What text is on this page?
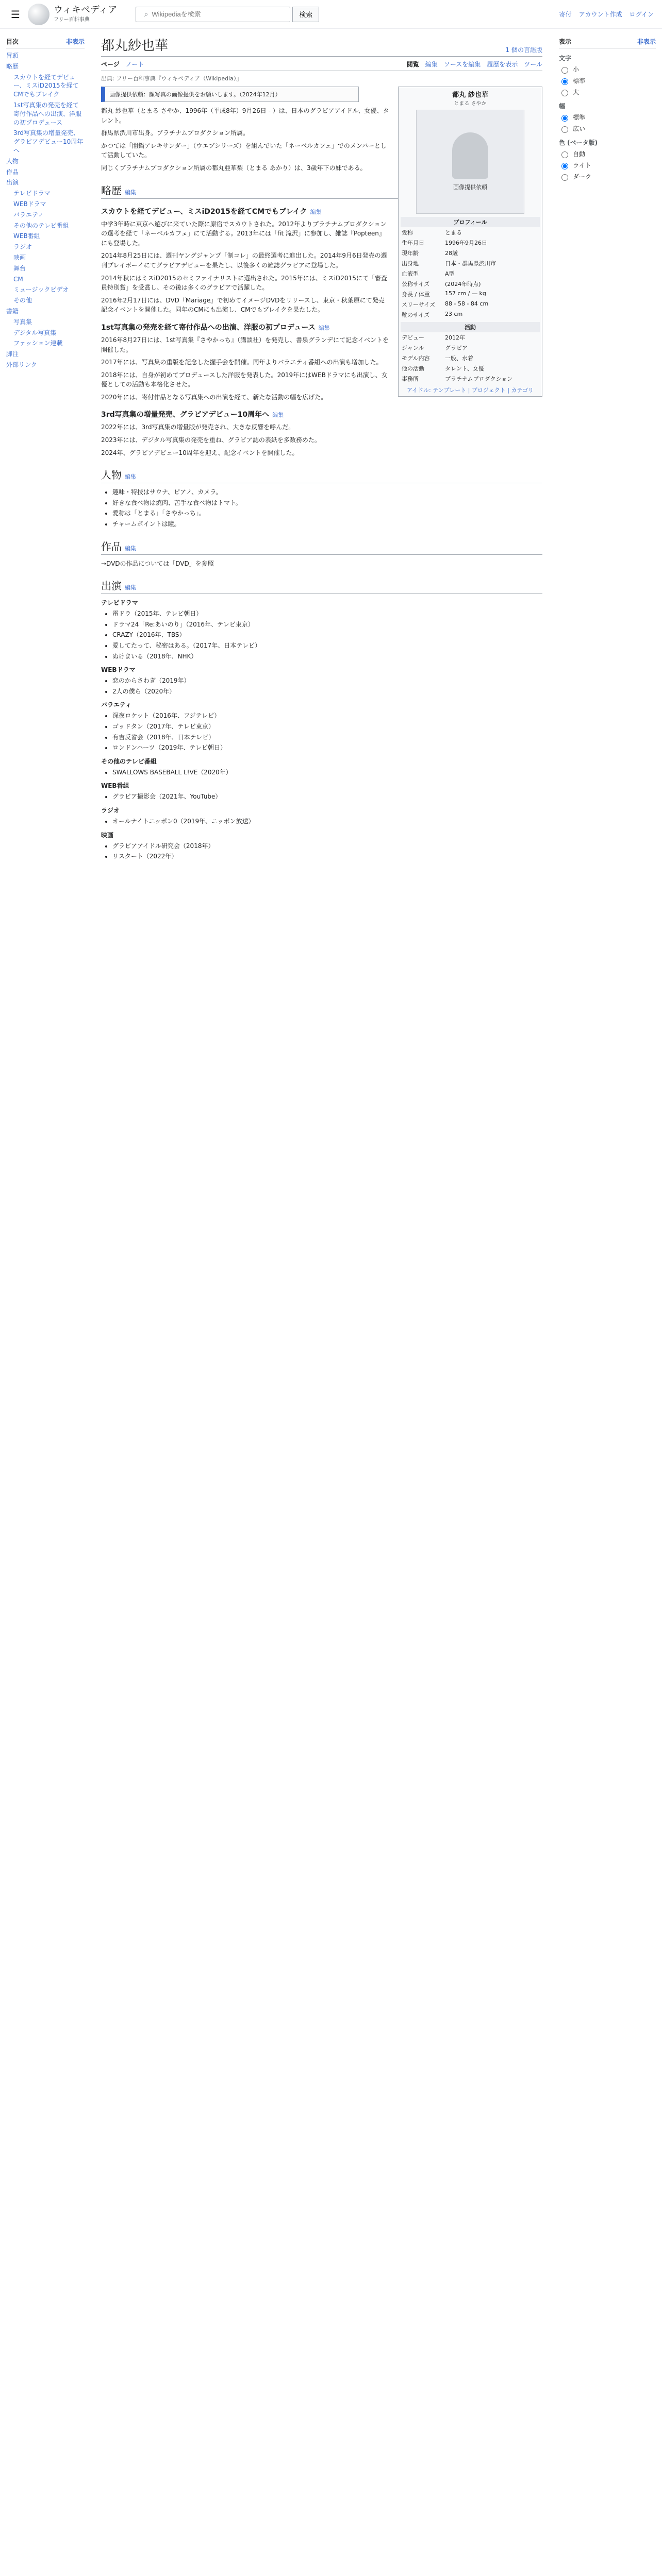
☰	ウィキペディア
フリー百科事典
⌕
Wikipediaを検索	検索	寄付 アカウント作成 ログイン
目次	非表示
冒頭
略歴
スカウトを経てデビュー、ミスiD2015を経てCMでもブレイク
1st写真集の発売を経て寄付作品への出演、洋服の初プロデュース
3rd写真集の増量発売、グラビアデビュー10周年へ
人物
作品
出演
テレビドラマ
WEBドラマ
バラエティ
その他のテレビ番組
WEB番組
ラジオ
映画
舞台
CM
ミュージックビデオ
その他
書籍
写真集
デジタル写真集
ファッション連載
脚注
外部リンク
都丸紗也華	1 個の言語版
ページ ノート	閲覧 編集 ソースを編集 履歴を表示 ツール
出典: フリー百科事典『ウィキペディア（Wikipedia）』
都丸 紗也華
とまる さやか
画像提供依頼
プロフィール
愛称	とまる
生年月日	1996年9月26日
現年齢	28歳
出身地	日本・群馬県渋川市
血液型	A型
公称サイズ	(2024年時点)
身長 / 体重	157 cm / ― kg
スリーサイズ	88 - 58 - 84 cm
靴のサイズ	23 cm
活動
デビュー	2012年
ジャンル	グラビア
モデル内容	一般、水着
他の活動	タレント、女優
事務所	プラチナムプロダクション
アイドル: テンプレート | プロジェクト | カテゴリ
画像提供依頼：顔写真の画像提供をお願いします。（2024年12月）

都丸 紗也華（とまる さやか、1996年（平成8年）9月26日 - ）は、日本のグラビアアイドル、女優、タレント。

群馬県渋川市出身。プラチナムプロダクション所属。

かつては「闇鍋アレキサンダー」（ウエブシリーズ）を組んでいた「ネーベルカフェ」でのメンバーとして活動していた。

同じくプラチナムプロダクション所属の都丸亜華梨（とまる あかり）は、3歳年下の妹である。

略歴 編集
スカウトを経てデビュー、ミスiD2015を経てCMでもブレイク 編集

中学3年時に東京へ遊びに来ていた際に原宿でスカウトされた。2012年よりプラチナムプロダクションの選考を経て「ネーベルカフェ」にて活動する。2013年には「fit 滝沢」に参加し、雑誌『Popteen』にも登場した。

2014年8月25日には、週刊ヤングジャンプ「制コレ」の最終選考に進出した。2014年9月6日発売の週刊プレイボーイにてグラビアデビューを果たし、以後多くの雑誌グラビアに登場した。

2014年秋にはミスiD2015のセミファイナリストに選出された。2015年には、ミスiD2015にて「審査員特別賞」を受賞し、その後は多くのグラビアで活躍した。

2016年2月17日には、DVD『Mariage』で初めてイメージDVDをリリースし、東京・秋葉原にて発売記念イベントを開催した。同年のCMにも出演し、CMでもブレイクを果たした。

1st写真集の発売を経て寄付作品への出演、洋服の初プロデュース 編集

2016年8月27日には、1st写真集『さやかっち』（講談社）を発売し、書泉グランデにて記念イベントを開催した。

2017年には、写真集の重版を記念した握手会を開催。同年よりバラエティ番組への出演も増加した。

2018年には、自身が初めてプロデュースした洋服を発表した。2019年にはWEBドラマにも出演し、女優としての活動も本格化させた。

2020年には、寄付作品となる写真集への出演を経て、新たな活動の幅を広げた。

3rd写真集の増量発売、グラビアデビュー10周年へ 編集

2022年には、3rd写真集の増量版が発売され、大きな反響を呼んだ。

2023年には、デジタル写真集の発売を重ね、グラビア誌の表紙を多数務めた。

2024年、グラビアデビュー10周年を迎え、記念イベントを開催した。

人物 編集
• 趣味・特技はサウナ、ピアノ、カメラ。
• 好きな食べ物は焼肉、苦手な食べ物はトマト。
• 愛称は「とまる」「さやかっち」。
• チャームポイントは瞳。
作品 編集

→DVDの作品については「DVD」を参照

出演 編集
テレビドラマ
• 電ドラ（2015年、テレビ朝日）
• ドラマ24「Re:あいのり」（2016年、テレビ東京）
• CRAZY（2016年、TBS）
• 愛してたって、秘密はある。（2017年、日本テレビ）
• ぬけまいる（2018年、NHK）
WEBドラマ
• 恋のからさわぎ（2019年）
• 2人の僕ら（2020年）
バラエティ
• 深夜ロケット（2016年、フジテレビ）
• ゴッドタン（2017年、テレビ東京）
• 有吉反省会（2018年、日本テレビ）
• ロンドンハーツ（2019年、テレビ朝日）
その他のテレビ番組
• SWALLOWS BASEBALL L!VE（2020年）
WEB番組
• グラビア撮影会（2021年、YouTube）
ラジオ
• オールナイトニッポン0（2019年、ニッポン放送）
映画
• グラビアアイドル研究会（2018年）
• リスタート（2022年）
表示	非表示
文字
小
標準
大
幅
標準
広い
色 (ベータ版)
自動
ライト
ダーク
